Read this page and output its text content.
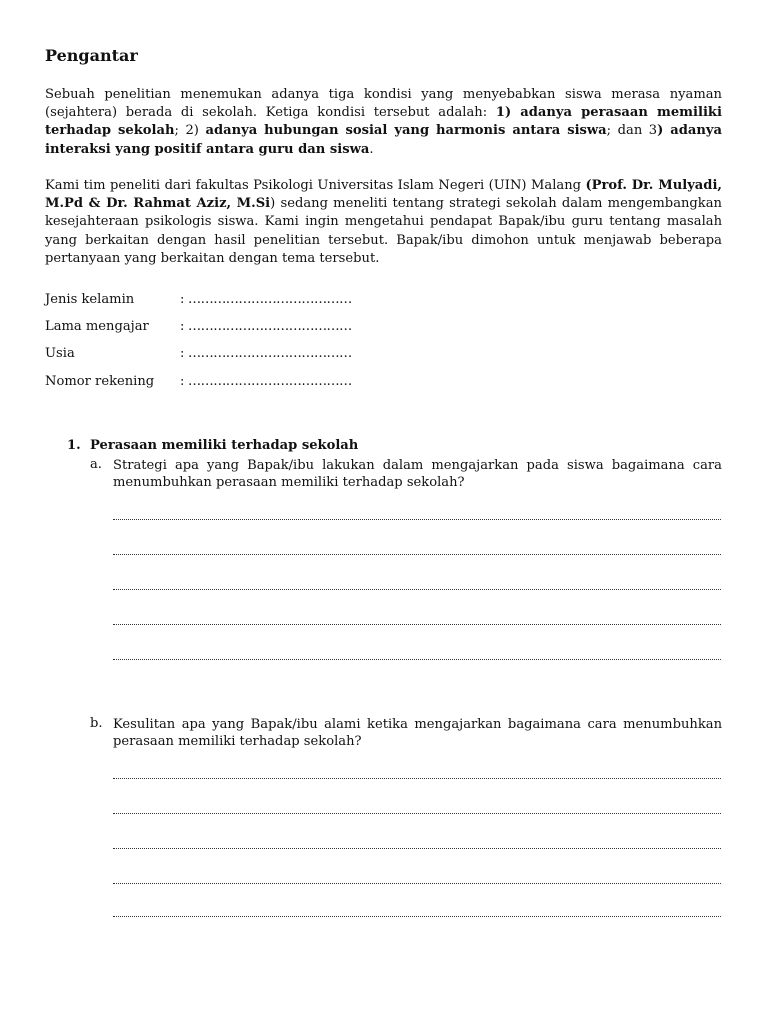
Pengantar

Sebuah penelitian menemukan adanya tiga kondisi yang menyebabkan siswa merasa nyaman (sejahtera) berada di sekolah. Ketiga kondisi tersebut adalah: 1) adanya perasaan memiliki terhadap sekolah; 2) adanya hubungan sosial yang harmonis antara siswa; dan 3) adanya interaksi yang positif antara guru dan siswa.

Kami tim peneliti dari fakultas Psikologi Universitas Islam Negeri (UIN) Malang (Prof. Dr. Mulyadi, M.Pd & Dr. Rahmat Aziz, M.Si) sedang meneliti tentang strategi sekolah dalam mengembangkan kesejahteraan psikologis siswa. Kami ingin mengetahui pendapat Bapak/ibu guru tentang masalah yang berkaitan dengan hasil penelitian tersebut. Bapak/ibu dimohon untuk menjawab beberapa pertanyaan yang berkaitan dengan tema tersebut.

Jenis kelamin	: …………………………………
Lama mengajar	: …………………………………
Usia	: …………………………………
Nomor rekening	: …………………………………
1. Perasaan memiliki terhadap sekolah
a. Strategi apa yang Bapak/ibu lakukan dalam mengajarkan pada siswa bagaimana cara menumbuhkan perasaan memiliki terhadap sekolah?
b. Kesulitan apa yang Bapak/ibu alami ketika mengajarkan bagaimana cara menumbuhkan perasaan memiliki terhadap sekolah?
